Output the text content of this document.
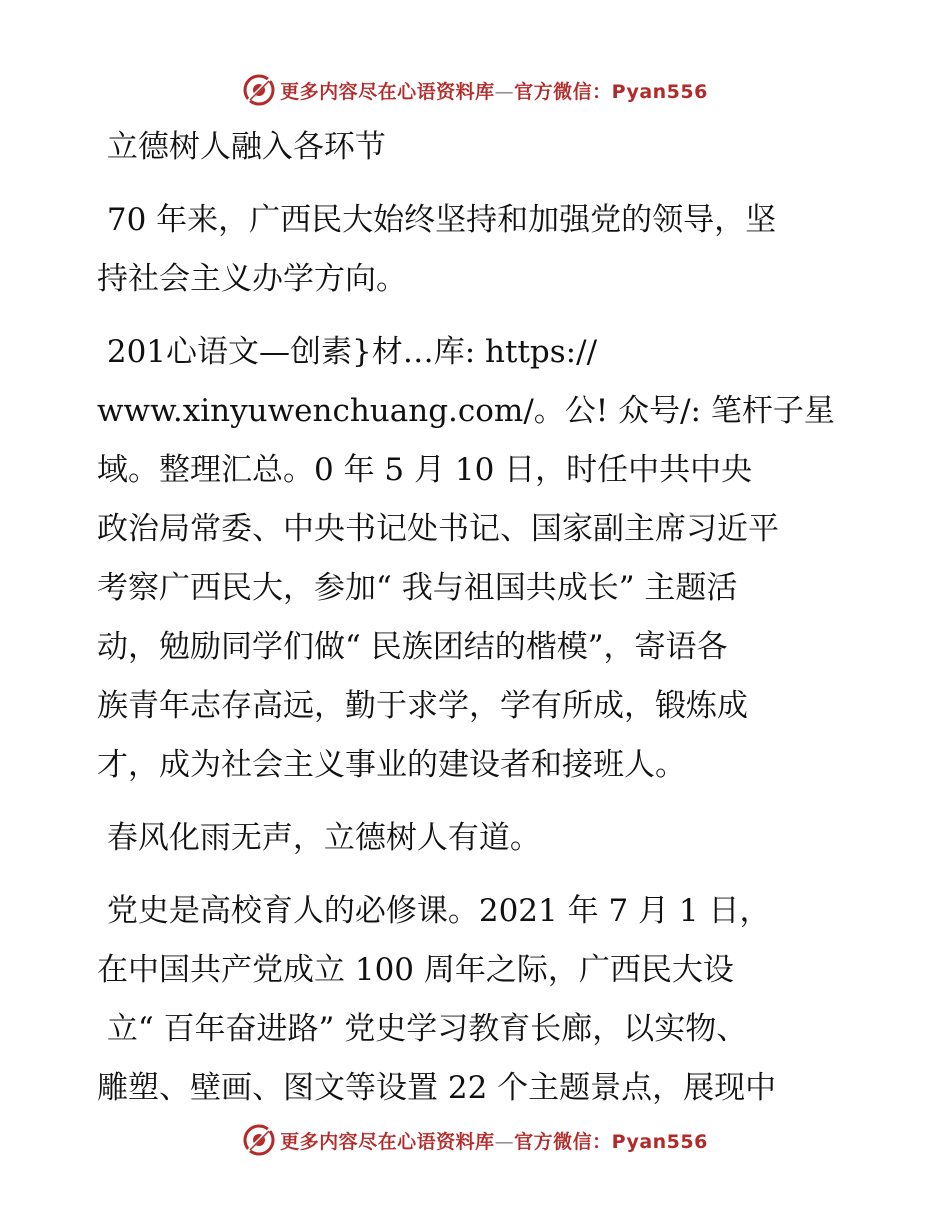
更多内容尽在心语资料库—官方微信：Pyan556

立德树人融入各环节

70 年来，广西民大始终坚持和加强党的领导，坚

持社会主义办学方向。

201心语文—创素}材…库: https://

www.xinyuwenchuang.com/。公! 众号/: 笔杆子星

域。整理汇总。0 年 5 月 10 日，时任中共中央

政治局常委、中央书记处书记、国家副主席习近平

考察广西民大，参加“ 我与祖国共成长” 主题活

动，勉励同学们做“ 民族团结的楷模”，寄语各

族青年志存高远，勤于求学，学有所成，锻炼成

才，成为社会主义事业的建设者和接班人。

春风化雨无声，立德树人有道。

党史是高校育人的必修课。2021 年 7 月 1 日，

在中国共产党成立 100 周年之际，广西民大设

立“ 百年奋进路” 党史学习教育长廊，以实物、

雕塑、壁画、图文等设置 22 个主题景点，展现中

更多内容尽在心语资料库—官方微信：Pyan556
